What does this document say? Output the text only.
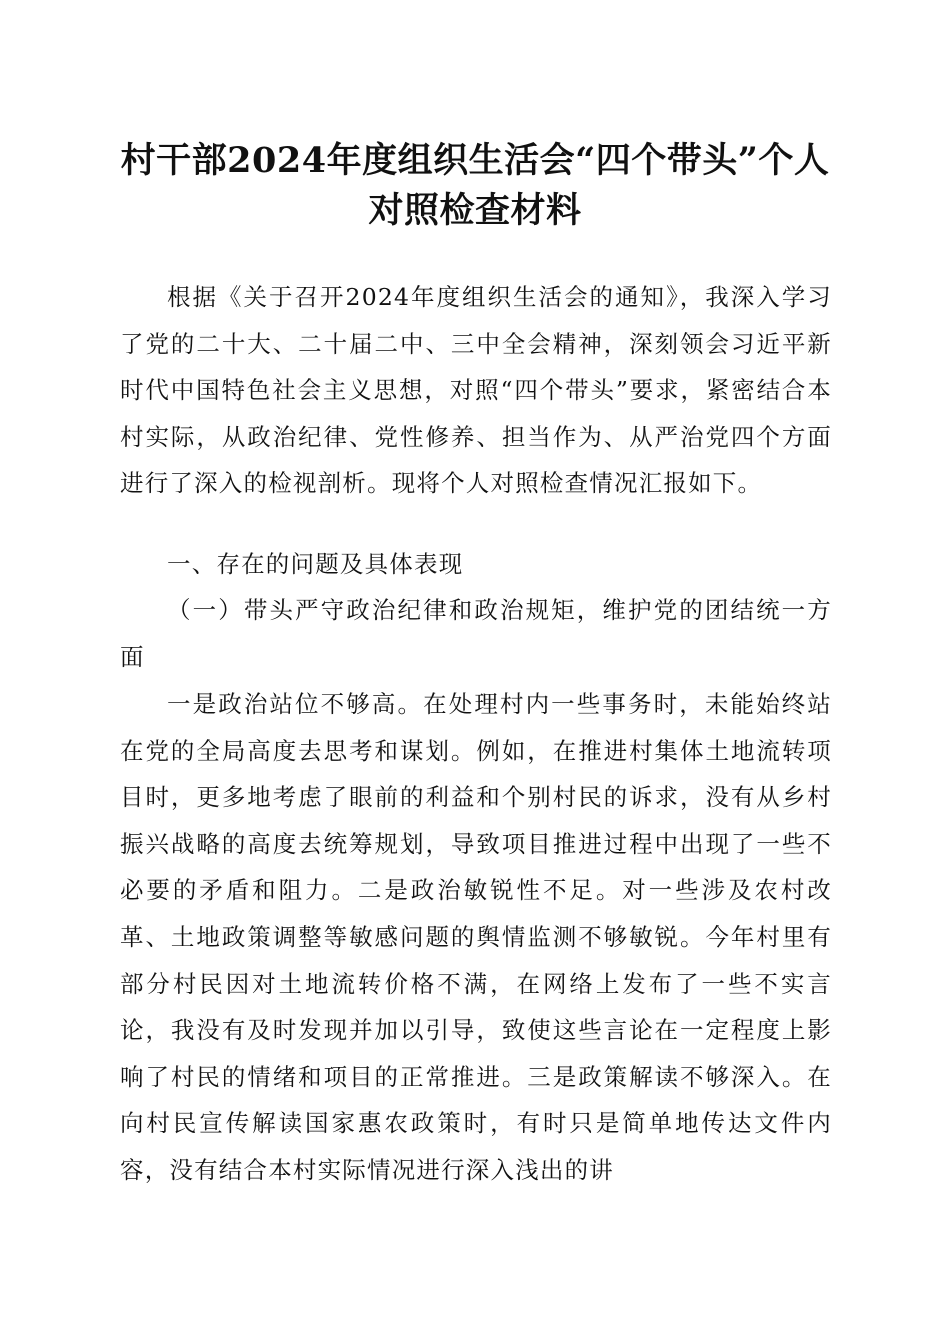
村干部2024年度组织生活会“四个带头”个人对照检查材料

根据《关于召开2024年度组织生活会的通知》，我深入学习了党的二十大、二十届二中、三中全会精神，深刻领会习近平新时代中国特色社会主义思想，对照“四个带头”要求，紧密结合本村实际，从政治纪律、党性修养、担当作为、从严治党四个方面进行了深入的检视剖析。现将个人对照检查情况汇报如下。

一、存在的问题及具体表现

（一）带头严守政治纪律和政治规矩，维护党的团结统一方面

一是政治站位不够高。在处理村内一些事务时，未能始终站在党的全局高度去思考和谋划。例如，在推进村集体土地流转项目时，更多地考虑了眼前的利益和个别村民的诉求，没有从乡村振兴战略的高度去统筹规划，导致项目推进过程中出现了一些不必要的矛盾和阻力。二是政治敏锐性不足。对一些涉及农村改革、土地政策调整等敏感问题的舆情监测不够敏锐。今年村里有部分村民因对土地流转价格不满，在网络上发布了一些不实言论，我没有及时发现并加以引导，致使这些言论在一定程度上影响了村民的情绪和项目的正常推进。三是政策解读不够深入。在向村民宣传解读国家惠农政策时，有时只是简单地传达文件内容，没有结合本村实际情况进行深入浅出的讲
